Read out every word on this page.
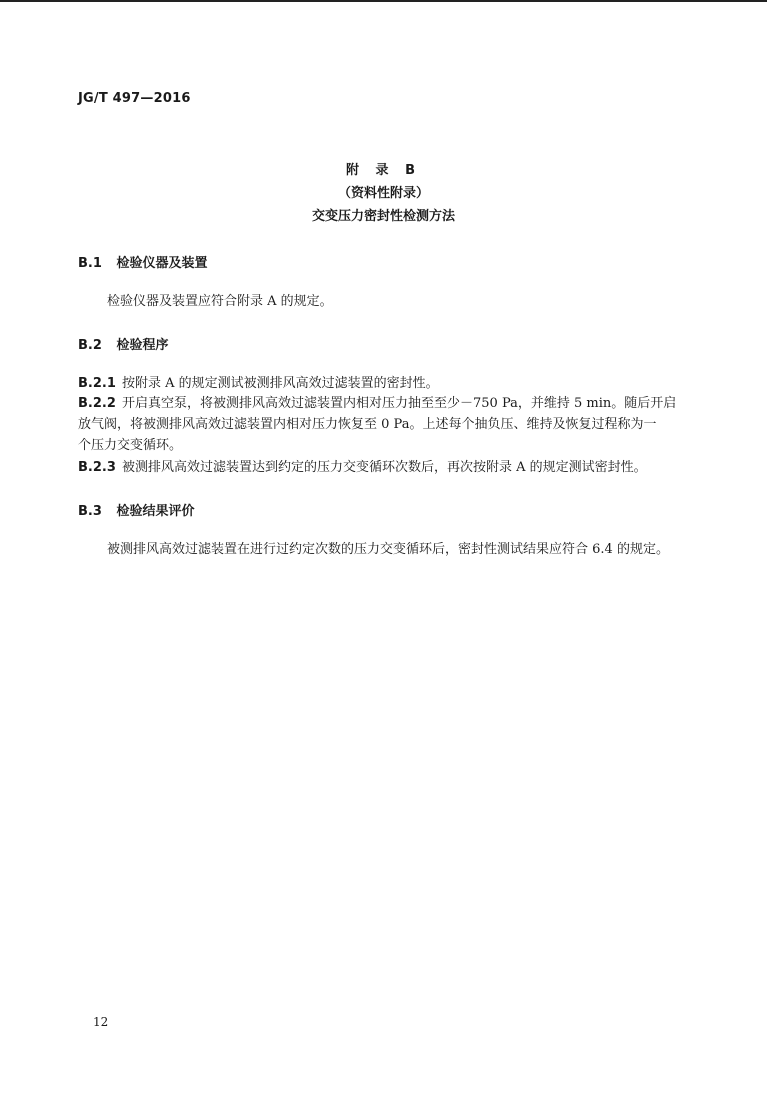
JG/T 497—2016
附 录 B
（资料性附录）
交变压力密封性检测方法
B.1 检验仪器及装置
检验仪器及装置应符合附录 A 的规定。
B.2 检验程序
B.2.1 按附录 A 的规定测试被测排风高效过滤装置的密封性。
B.2.2 开启真空泵，将被测排风高效过滤装置内相对压力抽至至少－750 Pa，并维持 5 min。随后开启
放气阀，将被测排风高效过滤装置内相对压力恢复至 0 Pa。上述每个抽负压、维持及恢复过程称为一
个压力交变循环。
B.2.3 被测排风高效过滤装置达到约定的压力交变循环次数后，再次按附录 A 的规定测试密封性。
B.3 检验结果评价
被测排风高效过滤装置在进行过约定次数的压力交变循环后，密封性测试结果应符合 6.4 的规定。
12
